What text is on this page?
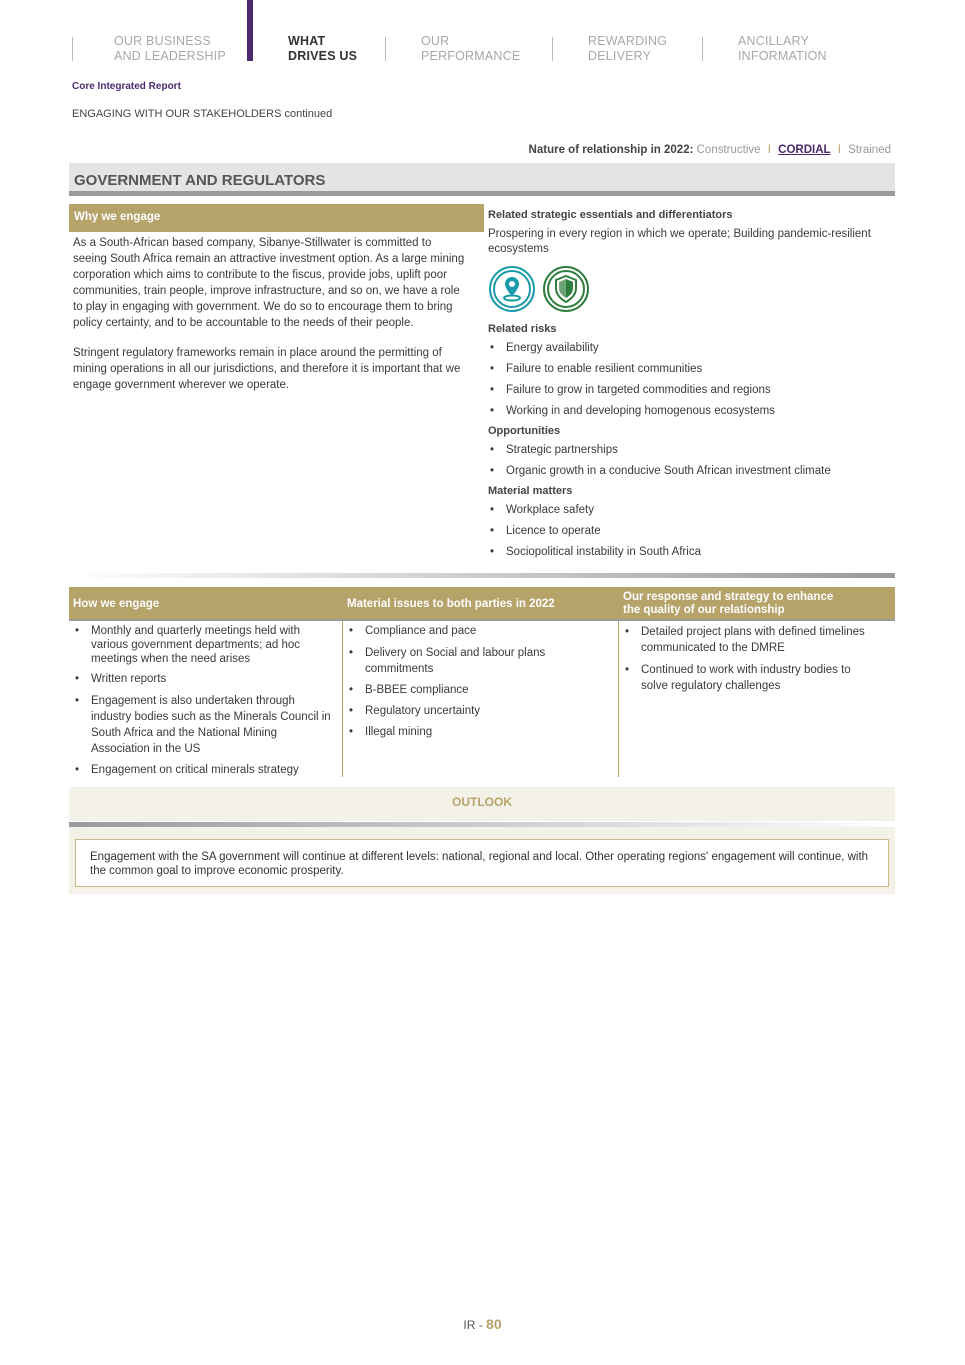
OUR BUSINESS
AND LEADERSHIP
WHAT
DRIVES US
OUR
PERFORMANCE
REWARDING
DELIVERY
ANCILLARY
INFORMATION
Core Integrated Report
ENGAGING WITH OUR STAKEHOLDERS continued
Nature of relationship in 2022: Constructive I CORDIAL I Strained
GOVERNMENT AND REGULATORS
Why we engage

As a South-African based company, Sibanye-Stillwater is committed to seeing South Africa remain an attractive investment option. As a large mining corporation which aims to contribute to the fiscus, provide jobs, uplift poor communities, train people, improve infrastructure, and so on, we have a role to play in engaging with government. We do so to encourage them to bring policy certainty, and to be accountable to the needs of their people.

Stringent regulatory frameworks remain in place around the permitting of mining operations in all our jurisdictions, and therefore it is important that we engage government wherever we operate.

Related strategic essentials and differentiators
Prospering in every region in which we operate; Building pandemic-resilient ecosystems
Related risks
• Energy availability
• Failure to enable resilient communities
• Failure to grow in targeted commodities and regions
• Working in and developing homogenous ecosystems
Opportunities
• Strategic partnerships
• Organic growth in a conducive South African investment climate
Material matters
• Workplace safety
• Licence to operate
• Sociopolitical instability in South Africa
How we engage	Material issues to both parties in 2022
Our response and strategy to enhance the quality of our relationship
• Monthly and quarterly meetings held with various government departments; ad hoc meetings when the need arises
• Written reports
• Engagement is also undertaken through industry bodies such as the Minerals Council in South Africa and the National Mining Association in the US
• Engagement on critical minerals strategy
• Compliance and pace
• Delivery on Social and labour plans commitments
• B-BBEE compliance
• Regulatory uncertainty
• Illegal mining
• Detailed project plans with defined timelines communicated to the DMRE
• Continued to work with industry bodies to solve regulatory challenges
OUTLOOK
Engagement with the SA government will continue at different levels: national, regional and local. Other operating regions' engagement will continue, with the common goal to improve economic prosperity.
IR - 80
